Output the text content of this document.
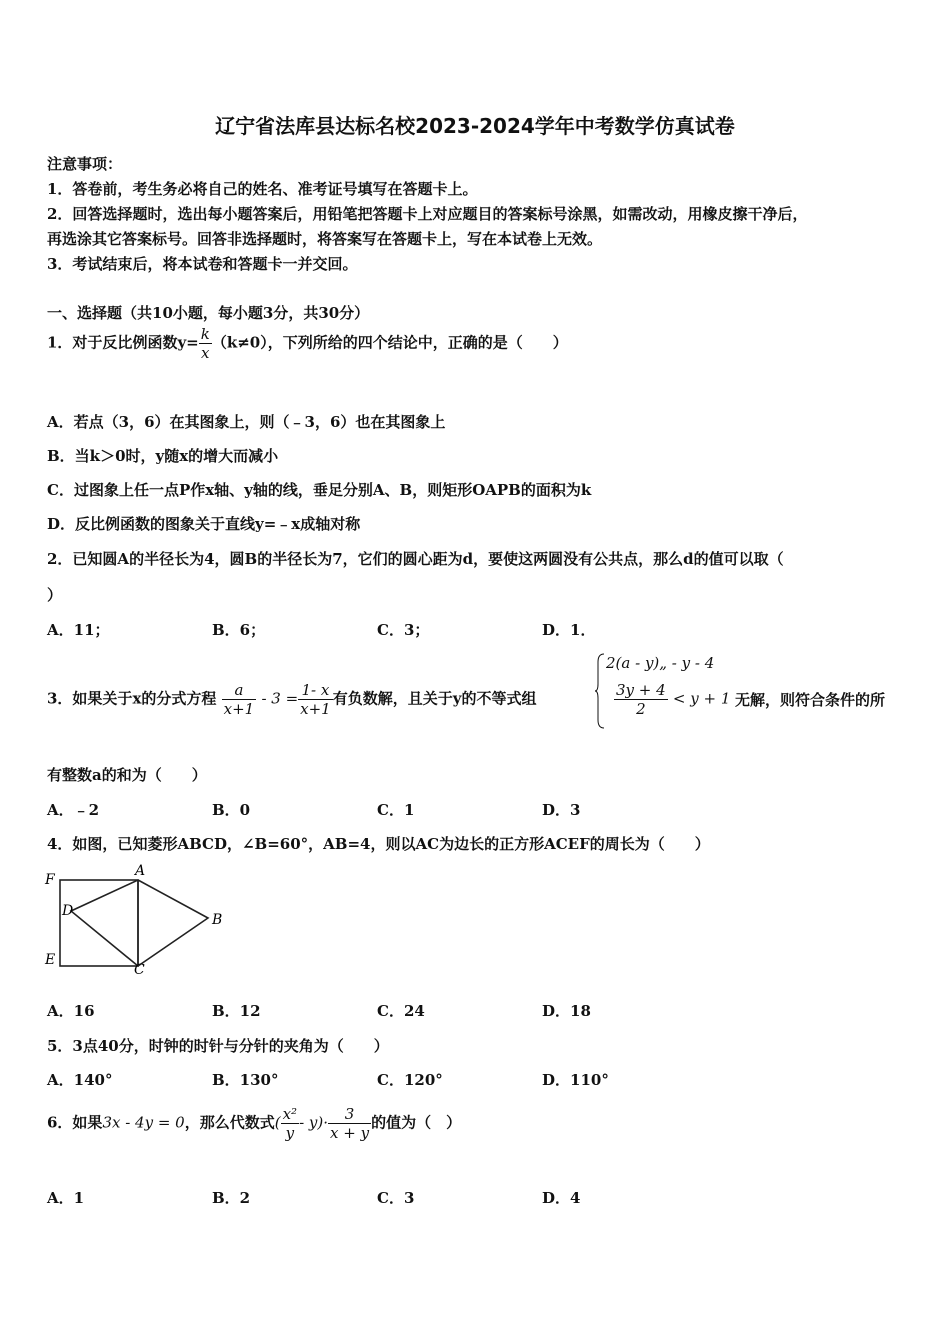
辽宁省法库县达标名校2023-2024学年中考数学仿真试卷
注意事项：
1．答卷前，考生务必将自己的姓名、准考证号填写在答题卡上。
2．回答选择题时，选出每小题答案后，用铅笔把答题卡上对应题目的答案标号涂黑，如需改动，用橡皮擦干净后，
再选涂其它答案标号。回答非选择题时，将答案写在答题卡上，写在本试卷上无效。
3．考试结束后，将本试卷和答题卡一并交回。
一、选择题（共10小题，每小题3分，共30分）
1．对于反比例函数$y= \frac{k}{x} (k\ne 0)$，下列所给的四个结论中，正确的是（　　）
A．若点（3，6）在其图象上，则（﹣3，6）也在其图象上
B．当k＞0时，y随x的增大而减小
C．过图象上任一点P作x轴、y轴的线，垂足分别A、B，则矩形OAPB的面积为k
D．反比例函数的图象关于直线y=﹣x成轴对称
2．已知圆A的半径长为4，圆B的半径长为7，它们的圆心距为d，要使这两圆没有公共点，那么d的值可以取（
）
A．11；	B．6；	C．3；	D．1．
3．如果关于x的分式方程 $\frac{a}{x+1} - 3 = \frac{1- x}{x+1}$ 有负数解，且关于y的不等式组
2(a - y)„ - y - 4
$\frac{3y + 4}{2} < y + 1$ 无解，则符合条件的所
有整数a的和为（　　）
A．﹣2	B．0	C．1	D．3
4．如图，已知菱形ABCD，∠B=60°，AB=4，则以AC为边长的正方形ACEF的周长为（　　）
F
A
D
B
E
C
A．16	B．12	C．24	D．18
5．3点40分，时钟的时针与分针的夹角为（　　）
A．140°	B．130°	C．120°	D．110°
6．如果3x - 4y = 0，那么代数式( $\frac{\text{x²}}{y} - y)\cdot \frac{3}{x + y}$ 的值为（　）
A．1	B．2	C．3	D．4
